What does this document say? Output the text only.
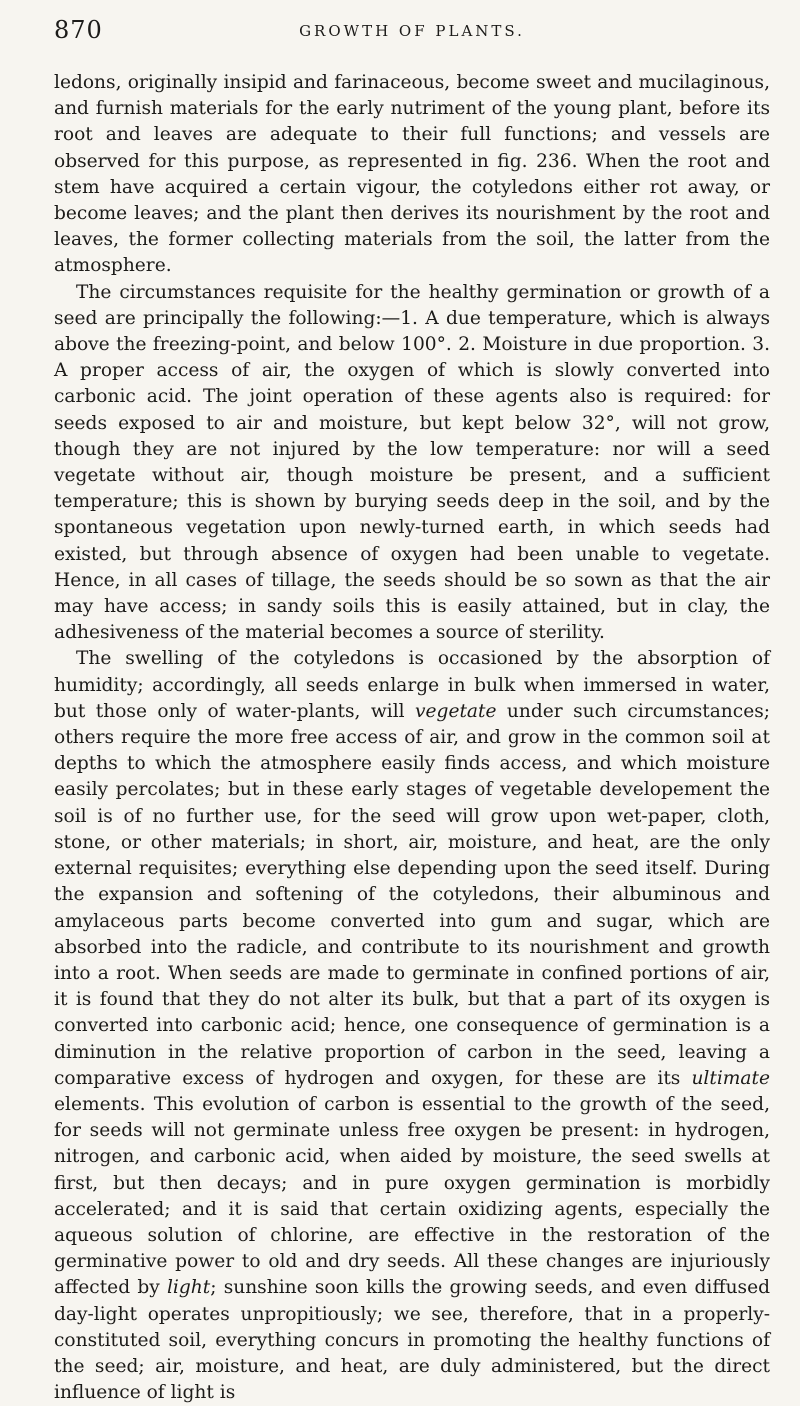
870	GROWTH OF PLANTS.

ledons, originally insipid and farinaceous, become sweet and mucilaginous, and furnish materials for the early nutriment of the young plant, before its root and leaves are adequate to their full functions; and vessels are observed for this purpose, as represented in fig. 236. When the root and stem have acquired a certain vigour, the cotyledons either rot away, or become leaves; and the plant then derives its nourishment by the root and leaves, the former collecting materials from the soil, the latter from the atmosphere.

The circumstances requisite for the healthy germination or growth of a seed are principally the following:—1. A due temperature, which is always above the freezing-point, and below 100°. 2. Moisture in due proportion. 3. A proper access of air, the oxygen of which is slowly converted into carbonic acid. The joint operation of these agents also is required: for seeds exposed to air and moisture, but kept below 32°, will not grow, though they are not injured by the low temperature: nor will a seed vegetate without air, though moisture be present, and a sufficient temperature; this is shown by burying seeds deep in the soil, and by the spontaneous vegetation upon newly-turned earth, in which seeds had existed, but through absence of oxygen had been unable to vegetate. Hence, in all cases of tillage, the seeds should be so sown as that the air may have access; in sandy soils this is easily attained, but in clay, the adhesiveness of the material becomes a source of sterility.

The swelling of the cotyledons is occasioned by the absorption of humidity; accordingly, all seeds enlarge in bulk when immersed in water, but those only of water-plants, will vegetate under such circumstances; others require the more free access of air, and grow in the common soil at depths to which the atmosphere easily finds access, and which moisture easily percolates; but in these early stages of vegetable developement the soil is of no further use, for the seed will grow upon wet-paper, cloth, stone, or other materials; in short, air, moisture, and heat, are the only external requisites; everything else depending upon the seed itself. During the expansion and softening of the cotyledons, their albuminous and amylaceous parts become converted into gum and sugar, which are absorbed into the radicle, and contribute to its nourishment and growth into a root. When seeds are made to germinate in confined portions of air, it is found that they do not alter its bulk, but that a part of its oxygen is converted into carbonic acid; hence, one consequence of germination is a diminution in the relative proportion of carbon in the seed, leaving a comparative excess of hydrogen and oxygen, for these are its ultimate elements. This evolution of carbon is essential to the growth of the seed, for seeds will not germinate unless free oxygen be present: in hydrogen, nitrogen, and carbonic acid, when aided by moisture, the seed swells at first, but then decays; and in pure oxygen germination is morbidly accelerated; and it is said that certain oxidizing agents, especially the aqueous solution of chlorine, are effective in the restoration of the germinative power to old and dry seeds. All these changes are injuriously affected by light; sunshine soon kills the growing seeds, and even diffused day-light operates unpropitiously; we see, therefore, that in a properly-constituted soil, everything concurs in promoting the healthy functions of the seed; air, moisture, and heat, are duly administered, but the direct influence of light is
